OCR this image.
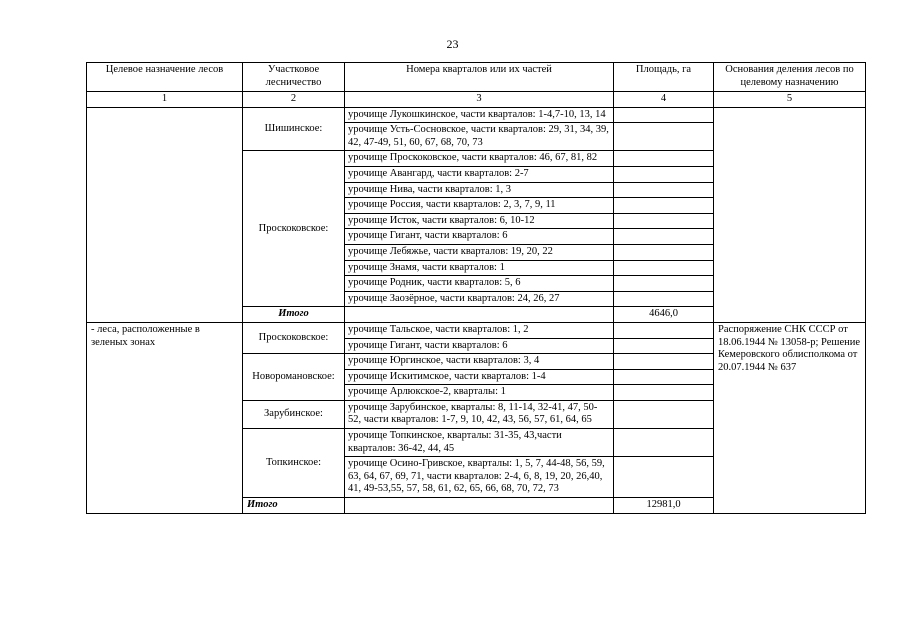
23
Целевое назначение лесов	Участковое лесничество	Номера кварталов или их частей	Площадь, га	Основания деления лесов по целевому назначению
1	2	3	4	5
	Шишинское:	урочище Лукошкинское, части кварталов: 1-4,7-10, 13, 14		
		урочище Усть-Сосновское, части кварталов: 29, 31, 34, 39, 42, 47-49, 51, 60, 67, 68, 70, 73		
	Проскоковское:	урочище Проскоковское, части кварталов: 46, 67, 81, 82		
		урочище Авангард, части кварталов: 2-7		
		урочище Нива, части кварталов: 1, 3		
		урочище Россия, части кварталов: 2, 3, 7, 9, 11		
		урочище Исток, части кварталов: 6, 10-12		
		урочище Гигант, части кварталов: 6		
		урочище Лебяжье, части кварталов: 19, 20, 22		
		урочище Знамя, части кварталов: 1		
		урочище Родник, части кварталов: 5, 6		
		урочище Заозёрное, части кварталов: 24, 26, 27		
	Итого		4646,0	
- леса, расположенные в зеленых зонах	Проскоковское:	урочище Тальское, части кварталов: 1, 2		Распоряжение СНК СССР от 18.06.1944 № 13058-р; Решение Кемеровского облисполкома от 20.07.1944 № 637
		урочище Гигант, части кварталов: 6		
	Новоромановское:	урочище Юргинское, части кварталов: 3, 4		
		урочище Искитимское, части кварталов: 1-4		
		урочище Арлюкское-2, кварталы: 1		
	Зарубинское:	урочище Зарубинское, кварталы: 8, 11-14, 32-41, 47, 50-52, части кварталов: 1-7, 9, 10, 42, 43, 56, 57, 61, 64, 65		
	Топкинское:	урочище Топкинское, кварталы: 31-35, 43,части кварталов: 36-42, 44, 45		
		урочище Осино-Гривское, кварталы: 1, 5, 7, 44-48, 56, 59, 63, 64, 67, 69, 71, части кварталов: 2-4, 6, 8, 19, 20, 26,40, 41, 49-53,55, 57, 58, 61, 62, 65, 66, 68, 70, 72, 73		
	Итого		12981,0	
